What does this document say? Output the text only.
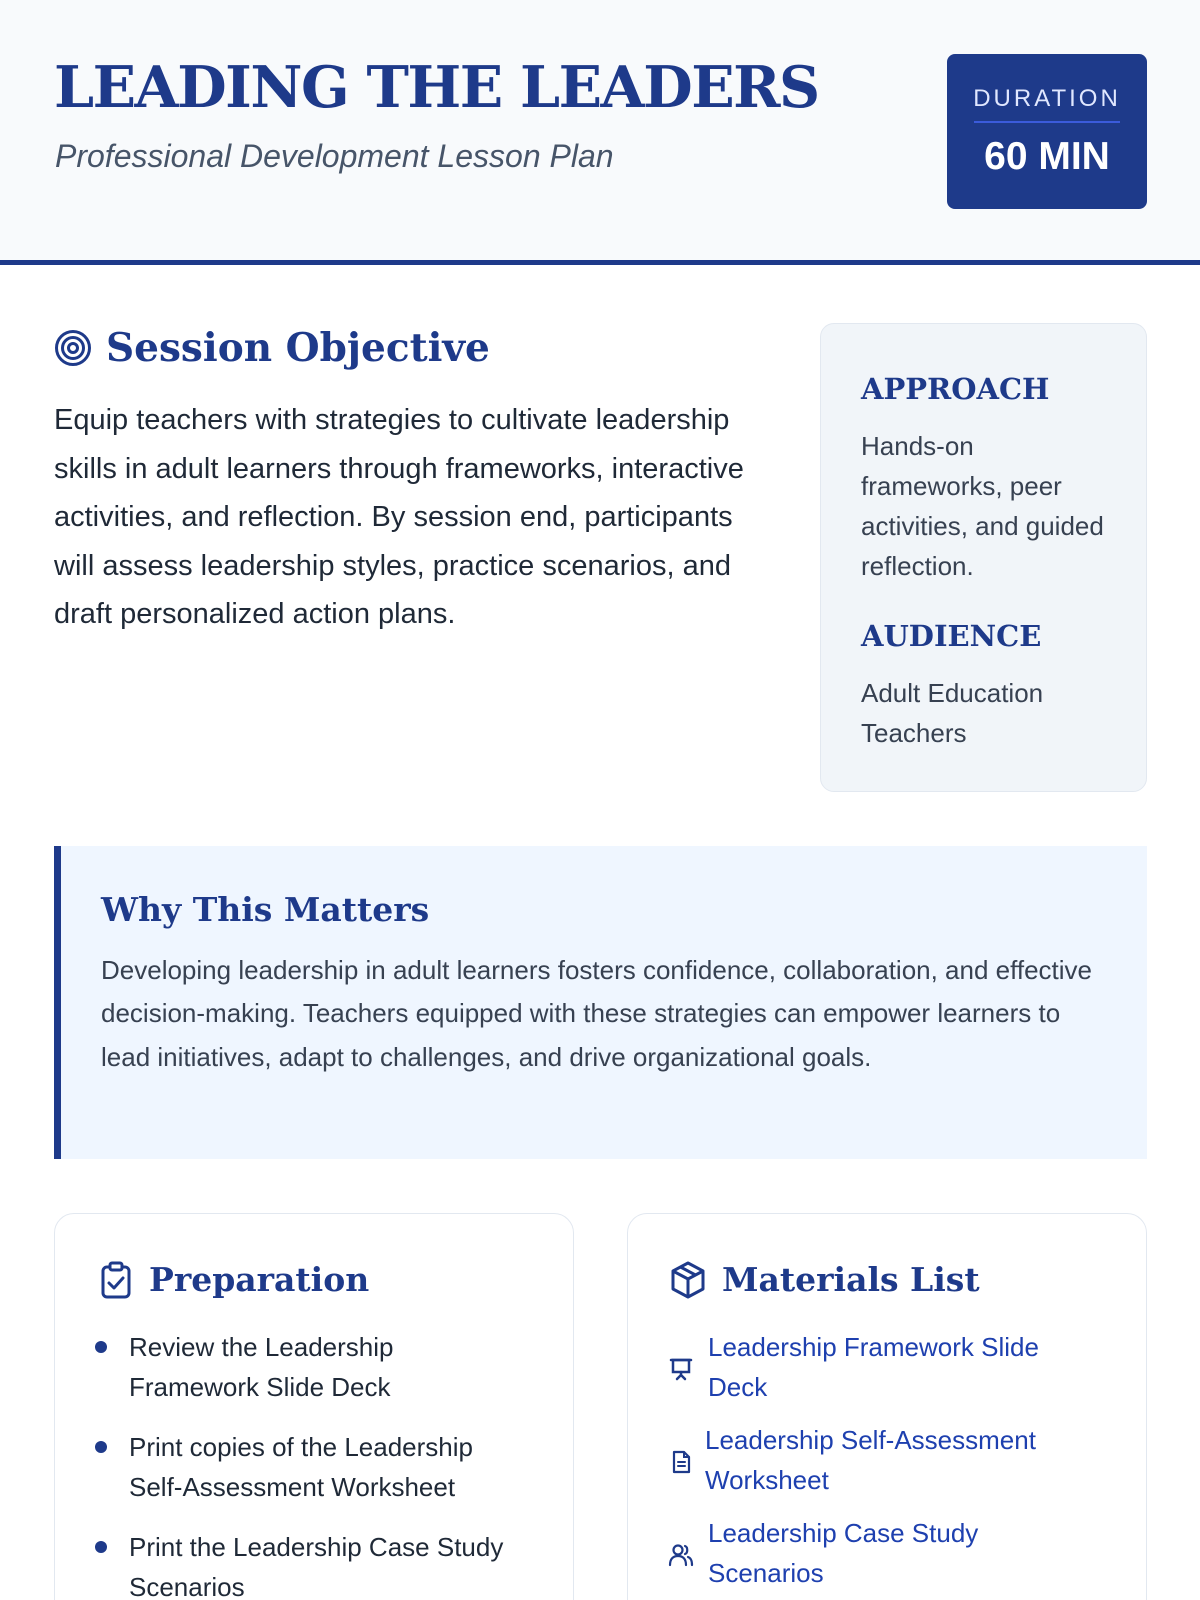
LEADING THE LEADERS

Professional Development Lesson Plan

DURATION
60 MIN
Session Objective

Equip teachers with strategies to cultivate leadership skills in adult learners through frameworks, interactive activities, and reflection. By session end, participants will assess leadership styles, practice scenarios, and draft personalized action plans.

APPROACH

Hands-on frameworks, peer activities, and guided reflection.

AUDIENCE

Adult Education Teachers

Why This Matters

Developing leadership in adult learners fosters confidence, collaboration, and effective decision-making. Teachers equipped with these strategies can empower learners to lead initiatives, adapt to challenges, and drive organizational goals.

Preparation

Review the Leadership Framework Slide Deck

Print copies of the Leadership Self-Assessment Worksheet

Print the Leadership Case Study Scenarios

Materials List
Leadership Framework Slide Deck
Leadership Self-Assessment Worksheet
Leadership Case Study Scenarios
